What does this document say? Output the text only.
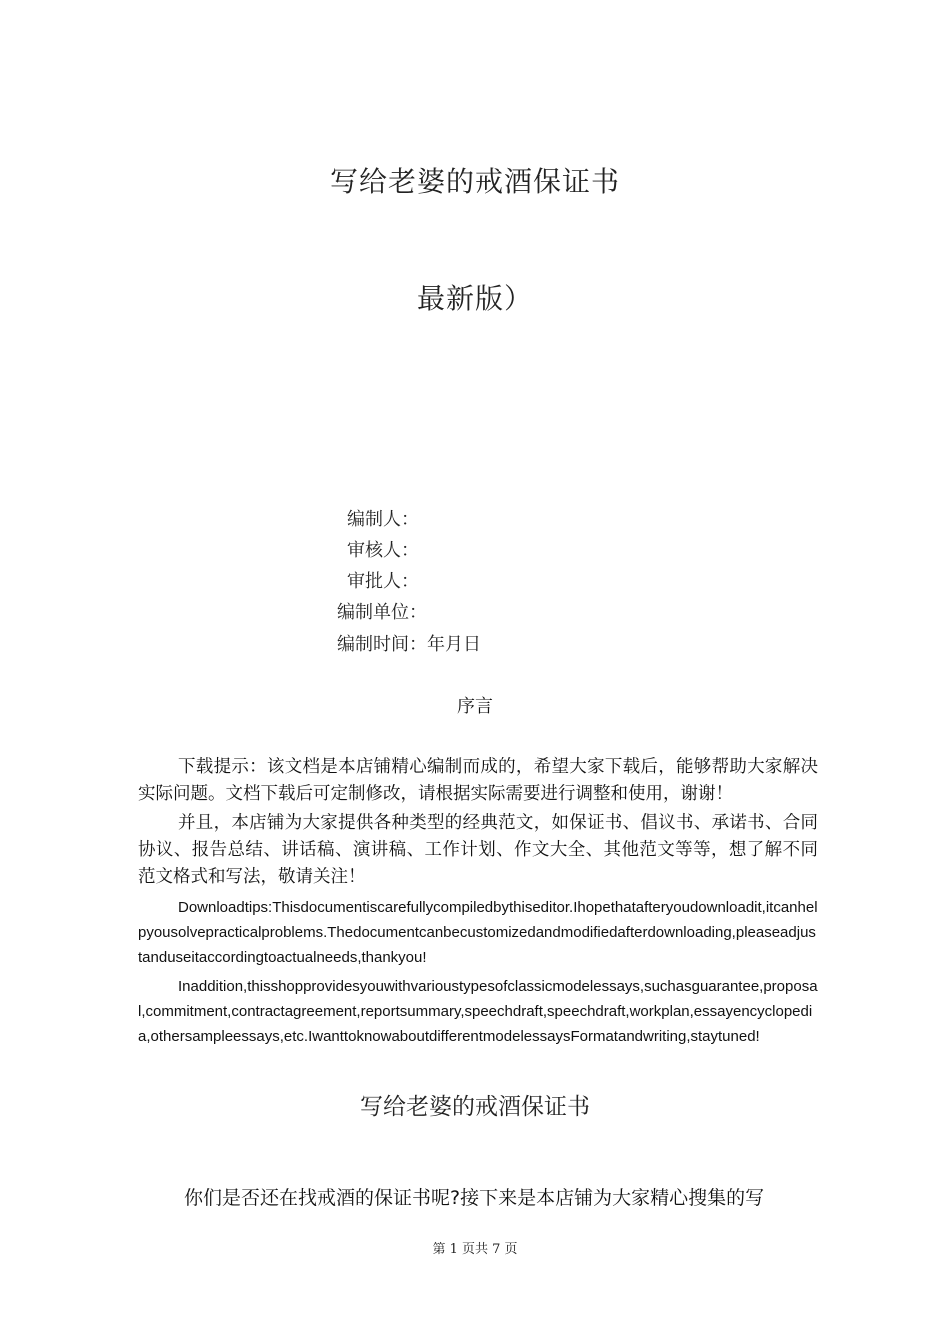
写给老婆的戒酒保证书
最新版）
编制人：
审核人：
审批人：
编制单位：
编制时间：年月日
序言
下载提示：该文档是本店铺精心编制而成的，希望大家下载后，能够帮助大家解决实际问题。文档下载后可定制修改，请根据实际需要进行调整和使用，谢谢！
并且，本店铺为大家提供各种类型的经典范文，如保证书、倡议书、承诺书、合同协议、报告总结、讲话稿、演讲稿、工作计划、作文大全、其他范文等等，想了解不同范文格式和写法，敬请关注！
Downloadtips:Thisdocumentiscarefullycompiledbythiseditor.Ihopethatafteryoudownloadit,itcanhelpyousolvepracticalproblems.Thedocumentcanbecustomizedandmodifiedafterdownloading,pleaseadjustanduseitaccordingtoactualneeds,thankyou!
Inaddition,thisshopprovidesyouwithvarioustypesofclassicmodelessays,suchasguarantee,proposal,commitment,contractagreement,reportsummary,speechdraft,speechdraft,workplan,essayencyclopedia,othersampleessays,etc.IwanttoknowaboutdifferentmodelessaysFormatandwriting,staytuned!
写给老婆的戒酒保证书
你们是否还在找戒酒的保证书呢?接下来是本店铺为大家精心搜集的写
第 1 页共 7 页
